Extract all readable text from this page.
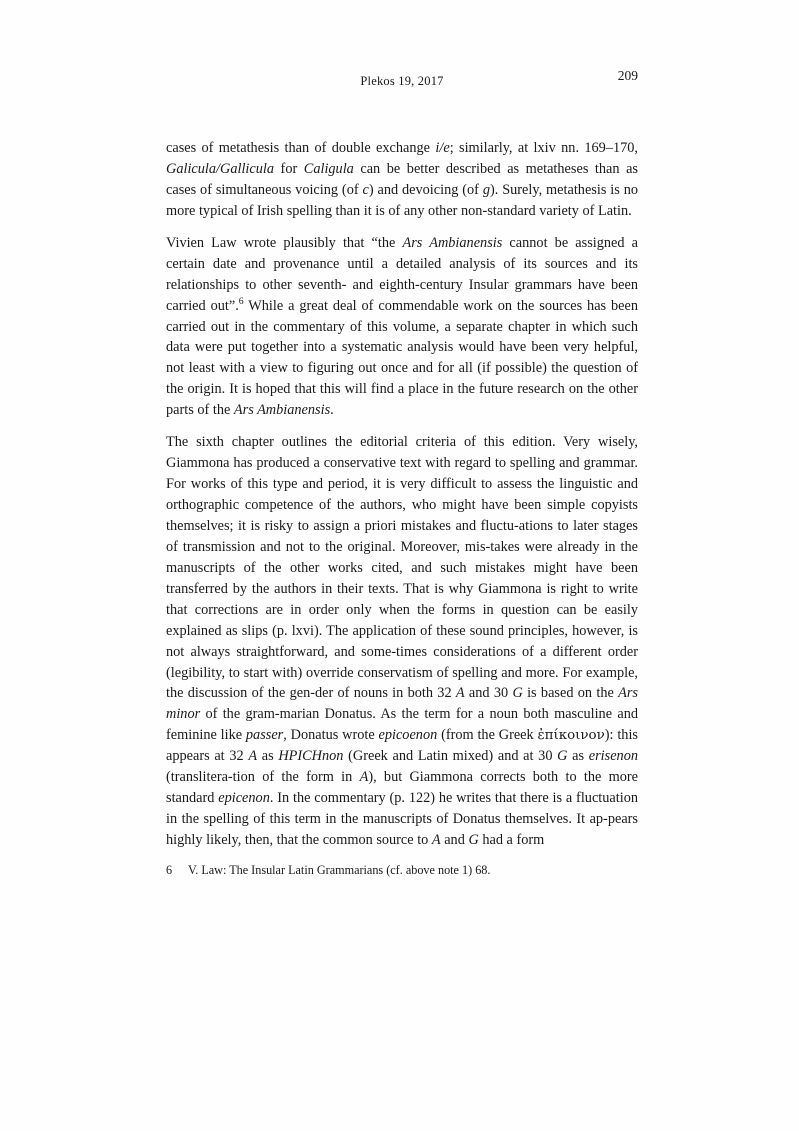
Plekos 19, 2017	209

cases of metathesis than of double exchange i/e; similarly, at lxiv nn. 169–170, Galicula/Gallicula for Caligula can be better described as metatheses than as cases of simultaneous voicing (of c) and devoicing (of g). Surely, metathesis is no more typical of Irish spelling than it is of any other non-standard variety of Latin.

Vivien Law wrote plausibly that “the Ars Ambianensis cannot be assigned a certain date and provenance until a detailed analysis of its sources and its relationships to other seventh- and eighth-century Insular grammars have been carried out”.$^6$ While a great deal of commendable work on the sources has been carried out in the commentary of this volume, a separate chapter in which such data were put together into a systematic analysis would have been very helpful, not least with a view to figuring out once and for all (if possible) the question of the origin. It is hoped that this will find a place in the future research on the other parts of the Ars Ambianensis.

The sixth chapter outlines the editorial criteria of this edition. Very wisely, Giammona has produced a conservative text with regard to spelling and grammar. For works of this type and period, it is very difficult to assess the linguistic and orthographic competence of the authors, who might have been simple copyists themselves; it is risky to assign a priori mistakes and fluctu-ations to later stages of transmission and not to the original. Moreover, mis-takes were already in the manuscripts of the other works cited, and such mistakes might have been transferred by the authors in their texts. That is why Giammona is right to write that corrections are in order only when the forms in question can be easily explained as slips (p. lxvi). The application of these sound principles, however, is not always straightforward, and some-times considerations of a different order (legibility, to start with) override conservatism of spelling and more. For example, the discussion of the gen-der of nouns in both 32 A and 30 G is based on the Ars minor of the gram-marian Donatus. As the term for a noun both masculine and feminine like passer, Donatus wrote epicoenon (from the Greek ἐπίκοινον): this appears at 32 A as HPICHnon (Greek and Latin mixed) and at 30 G as erisenon (translitera-tion of the form in A), but Giammona corrects both to the more standard epicenon. In the commentary (p. 122) he writes that there is a fluctuation in the spelling of this term in the manuscripts of Donatus themselves. It ap-pears highly likely, then, that the common source to A and G had a form

6	V. Law: The Insular Latin Grammarians (cf. above note 1) 68.
